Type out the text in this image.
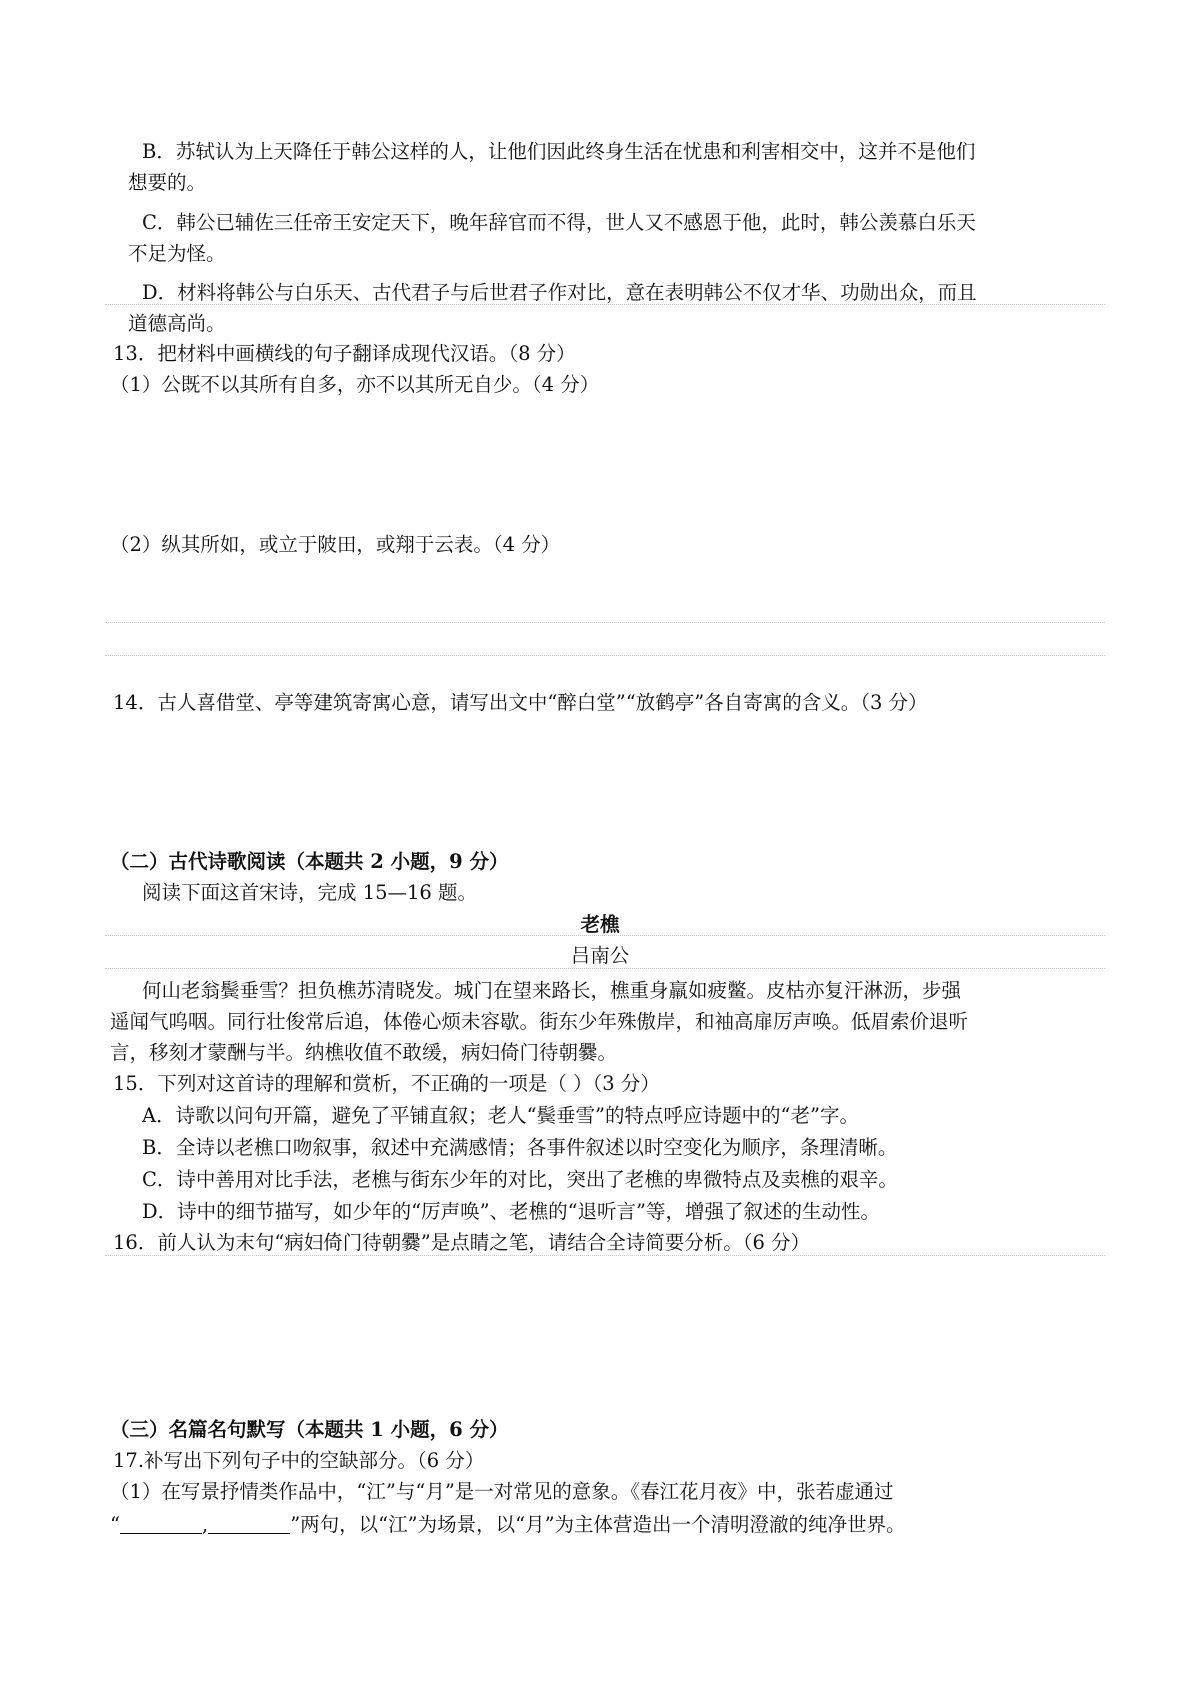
B．苏轼认为上天降任于韩公这样的人，让他们因此终身生活在忧患和利害相交中，这并不是他们
想要的。
C．韩公已辅佐三任帝王安定天下，晚年辞官而不得，世人又不感恩于他，此时，韩公羡慕白乐天
不足为怪。
D．材料将韩公与白乐天、古代君子与后世君子作对比，意在表明韩公不仅才华、功勋出众，而且
道德高尚。
13．把材料中画横线的句子翻译成现代汉语。（8 分）
（1）公既不以其所有自多，亦不以其所无自少。（4 分）
（2）纵其所如，或立于陂田，或翔于云表。（4 分）
14．古人喜借堂、亭等建筑寄寓心意，请写出文中“醉白堂”“放鹤亭”各自寄寓的含义。（3 分）
（二）古代诗歌阅读（本题共 2 小题，9 分）
阅读下面这首宋诗，完成 15—16 题。
老樵
吕南公
何山老翁鬓垂雪？担负樵苏清晓发。城门在望来路长，樵重身羸如疲鳖。皮枯亦复汗淋沥，步强
遥闻气呜咽。同行壮俊常后追，体倦心烦未容歇。街东少年殊傲岸，和袖高扉厉声唤。低眉索价退听
言，移刻才蒙酬与半。纳樵收值不敢缓，病妇倚门待朝爨。
15．下列对这首诗的理解和赏析，不正确的一项是（ ）（3 分）
A．诗歌以问句开篇，避免了平铺直叙；老人“鬓垂雪”的特点呼应诗题中的“老”字。
B．全诗以老樵口吻叙事，叙述中充满感情；各事件叙述以时空变化为顺序，条理清晰。
C．诗中善用对比手法，老樵与街东少年的对比，突出了老樵的卑微特点及卖樵的艰辛。
D．诗中的细节描写，如少年的“厉声唤”、老樵的“退听言”等，增强了叙述的生动性。
16．前人认为末句“病妇倚门待朝爨”是点睛之笔，请结合全诗简要分析。（6 分）
（三）名篇名句默写（本题共 1 小题，6 分）
17.补写出下列句子中的空缺部分。（6 分）
（1）在写景抒情类作品中，“江”与“月”是一对常见的意象。《春江花月夜》中，张若虚通过
“	,	”两句，以“江”为场景，以“月”为主体营造出一个清明澄澈的纯净世界。
